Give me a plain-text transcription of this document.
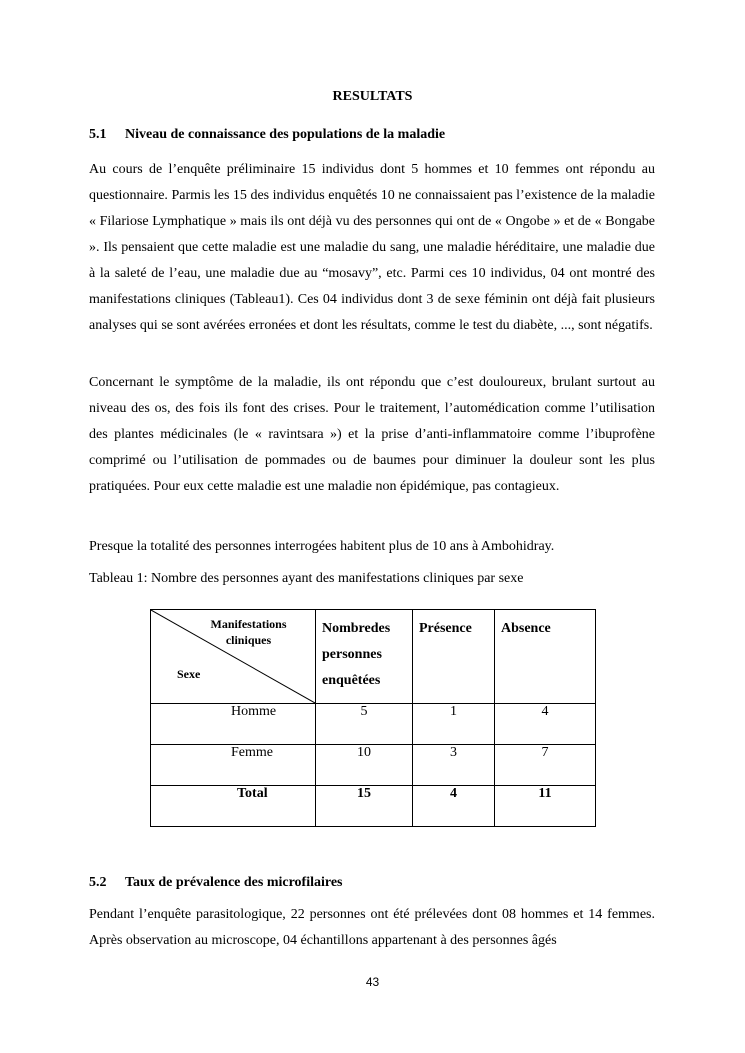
RESULTATS
5.1 Niveau de connaissance des populations de la maladie

Au cours de l’enquête préliminaire 15 individus dont 5 hommes et 10 femmes ont répondu au questionnaire. Parmis les 15 des individus enquêtés 10 ne connaissaient pas l’existence de la maladie « Filariose Lymphatique » mais ils ont déjà vu des personnes qui ont de « Ongobe » et de « Bongabe ». Ils pensaient que cette maladie est une maladie du sang, une maladie héréditaire, une maladie due à la saleté de l’eau, une maladie due au “mosavy”, etc. Parmi ces 10 individus, 04 ont montré des manifestations cliniques (Tableau1). Ces 04 individus dont 3 de sexe féminin ont déjà fait plusieurs analyses qui se sont avérées erronées et dont les résultats, comme le test du diabète, ..., sont négatifs.

Concernant le symptôme de la maladie, ils ont répondu que c’est douloureux, brulant surtout au niveau des os, des fois ils font des crises. Pour le traitement, l’automédication comme l’utilisation des plantes médicinales (le « ravintsara ») et la prise d’anti-inflammatoire comme l’ibuprofène comprimé ou l’utilisation de pommades ou de baumes pour diminuer la douleur sont les plus pratiquées. Pour eux cette maladie est une maladie non épidémique, pas contagieux.

Presque la totalité des personnes interrogées habitent plus de 10 ans à Ambohidray.

Tableau 1: Nombre des personnes ayant des manifestations cliniques par sexe
Manifestations cliniques
Sexe	Nombredes personnes enquêtées	Présence	Absence
Homme	5	1	4
Femme	10	3	7
Total	15	4	11
5.2 Taux de prévalence des microfilaires

Pendant l’enquête parasitologique, 22 personnes ont été prélevées dont 08 hommes et 14 femmes. Après observation au microscope, 04 échantillons appartenant à des personnes âgés

43
